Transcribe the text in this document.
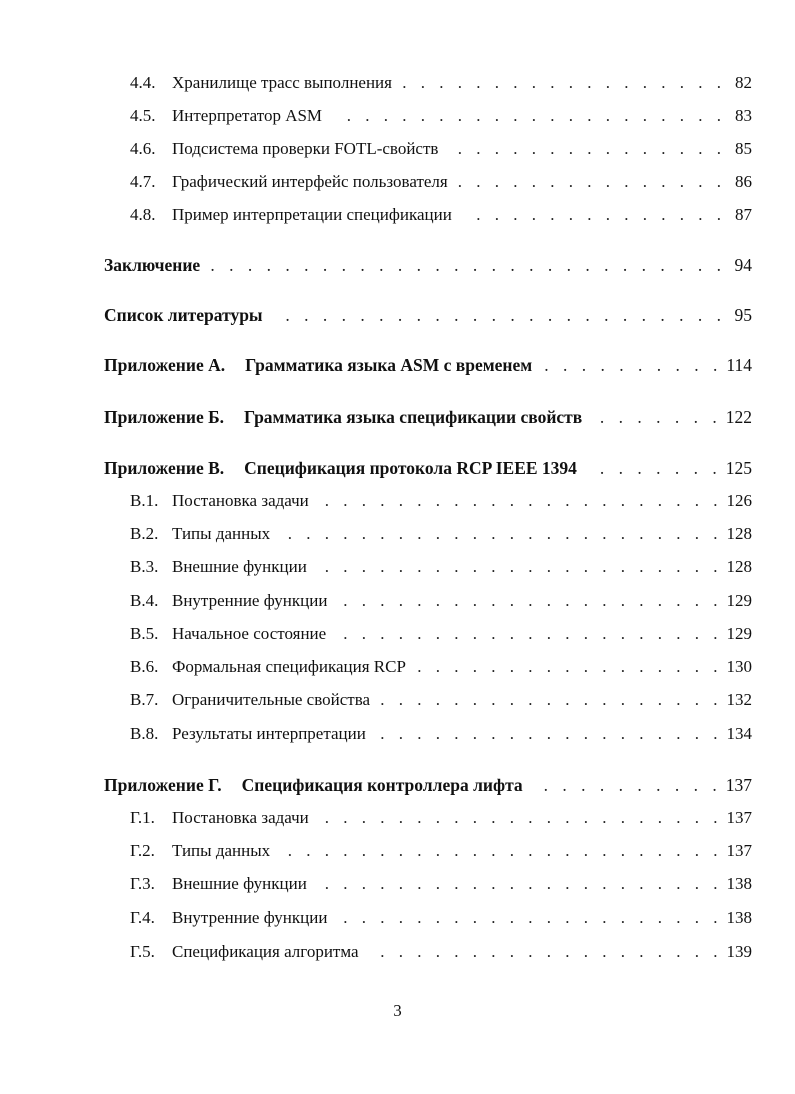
4.4. Хранилище трасс выполнения . . .	82
4.5. Интерпретатор ASM . . .	83
4.6. Подсистема проверки FOTL-свойств . . .	85
4.7. Графический интерфейс пользователя . . .	86
4.8. Пример интерпретации спецификации . . .	87
Заключение . . .	94
Список литературы . . .	95
Приложение А. Грамматика языка ASM с временем . . .	114
Приложение Б. Грамматика языка спецификации свойств . . .	122
Приложение В. Спецификация протокола RCP IEEE 1394 . . .	125
В.1. Постановка задачи . . .	126
В.2. Типы данных . . .	128
В.3. Внешние функции . . .	128
В.4. Внутренние функции . . .	129
В.5. Начальное состояние . . .	129
В.6. Формальная спецификация RCP . . .	130
В.7. Ограничительные свойства . . .	132
В.8. Результаты интерпретации . . .	134
Приложение Г. Спецификация контроллера лифта . . .	137
Г.1.	Постановка задачи . . .	137
Г.2.	Типы данных . . .	137
Г.3.	Внешние функции . . .	138
Г.4.	Внутренние функции . . .	138
Г.5.	Спецификация алгоритма . . .	139
3
